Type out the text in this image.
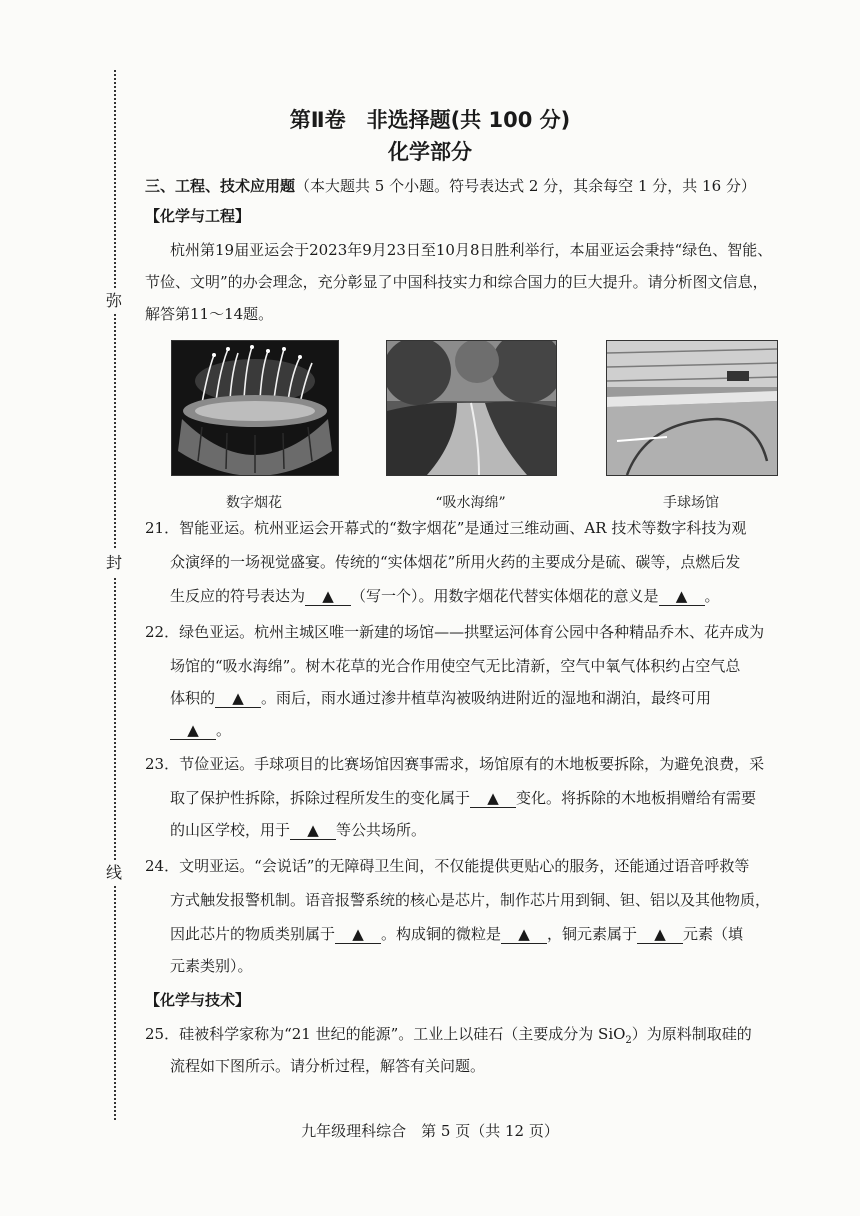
弥
封
线
第Ⅱ卷　非选择题(共 100 分)
化学部分
三、工程、技术应用题（本大题共 5 个小题。符号表达式 2 分，其余每空 1 分，共 16 分）
【化学与工程】
杭州第19届亚运会于2023年9月23日至10月8日胜利举行，本届亚运会秉持“绿色、智能、
节俭、文明”的办会理念，充分彰显了中国科技实力和综合国力的巨大提升。请分析图文信息，
解答第11～14题。
数字烟花	“吸水海绵”	手球场馆
21．智能亚运。杭州亚运会开幕式的“数字烟花”是通过三维动画、AR 技术等数字科技为观
众演绎的一场视觉盛宴。传统的“实体烟花”所用火药的主要成分是硫、碳等，点燃后发
生反应的符号表达为 ▲ （写一个）。用数字烟花代替实体烟花的意义是 ▲ 。
22．绿色亚运。杭州主城区唯一新建的场馆——拱墅运河体育公园中各种精品乔木、花卉成为
场馆的“吸水海绵”。树木花草的光合作用使空气无比清新，空气中氧气体积约占空气总
体积的 ▲ 。雨后，雨水通过渗井植草沟被吸纳进附近的湿地和湖泊，最终可用
▲ 。
23．节俭亚运。手球项目的比赛场馆因赛事需求，场馆原有的木地板要拆除，为避免浪费，采
取了保护性拆除，拆除过程所发生的变化属于 ▲ 变化。将拆除的木地板捐赠给有需要
的山区学校，用于 ▲ 等公共场所。
24．文明亚运。“会说话”的无障碍卫生间，不仅能提供更贴心的服务，还能通过语音呼救等
方式触发报警机制。语音报警系统的核心是芯片，制作芯片用到铜、钽、铝以及其他物质，
因此芯片的物质类别属于 ▲ 。构成铜的微粒是 ▲ ，铜元素属于 ▲ 元素（填
元素类别）。
【化学与技术】
25．硅被科学家称为“21 世纪的能源”。工业上以硅石（主要成分为 SiO$_2$）为原料制取硅的
流程如下图所示。请分析过程，解答有关问题。
九年级理科综合　第 5 页（共 12 页）
